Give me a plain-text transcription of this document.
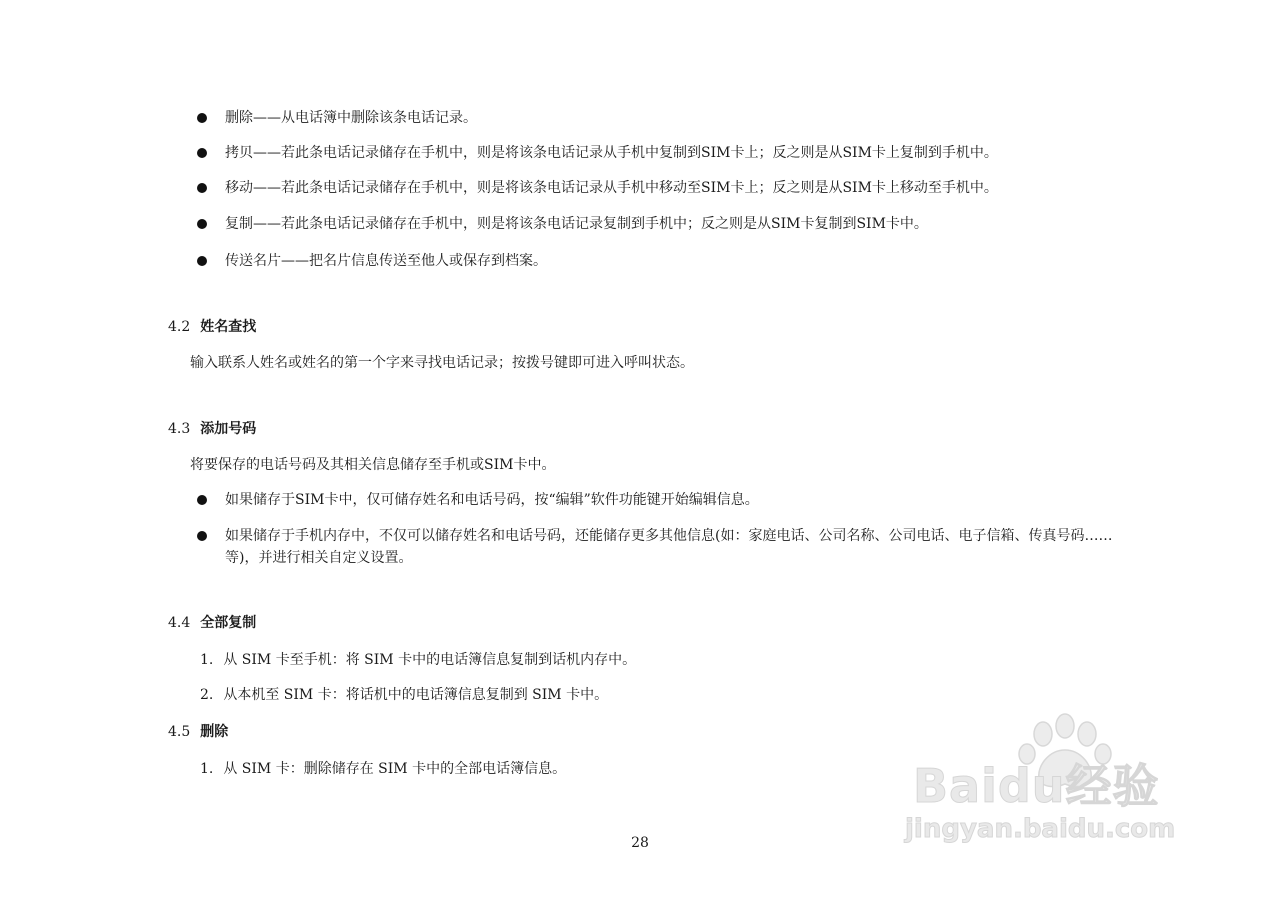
删除——从电话簿中删除该条电话记录。
拷贝——若此条电话记录储存在手机中，则是将该条电话记录从手机中复制到SIM卡上；反之则是从SIM卡上复制到手机中。
移动——若此条电话记录储存在手机中，则是将该条电话记录从手机中移动至SIM卡上；反之则是从SIM卡上移动至手机中。
复制——若此条电话记录储存在手机中，则是将该条电话记录复制到手机中；反之则是从SIM卡复制到SIM卡中。
传送名片——把名片信息传送至他人或保存到档案。
4.2 姓名查找
输入联系人姓名或姓名的第一个字来寻找电话记录；按拨号键即可进入呼叫状态。
4.3 添加号码
将要保存的电话号码及其相关信息储存至手机或SIM卡中。
如果储存于SIM卡中，仅可储存姓名和电话号码，按“编辑”软件功能键开始编辑信息。
如果储存于手机内存中，不仅可以储存姓名和电话号码，还能储存更多其他信息(如：家庭电话、公司名称、公司电话、电子信箱、传真号码……等)，并进行相关自定义设置。
4.4 全部复制
1. 从 SIM 卡至手机：将 SIM 卡中的电话簿信息复制到话机内存中。
2. 从本机至 SIM 卡：将话机中的电话簿信息复制到 SIM 卡中。
4.5 删除
1. 从 SIM 卡：删除储存在 SIM 卡中的全部电话簿信息。
28
Baidu经验
jingyan.baidu.com
